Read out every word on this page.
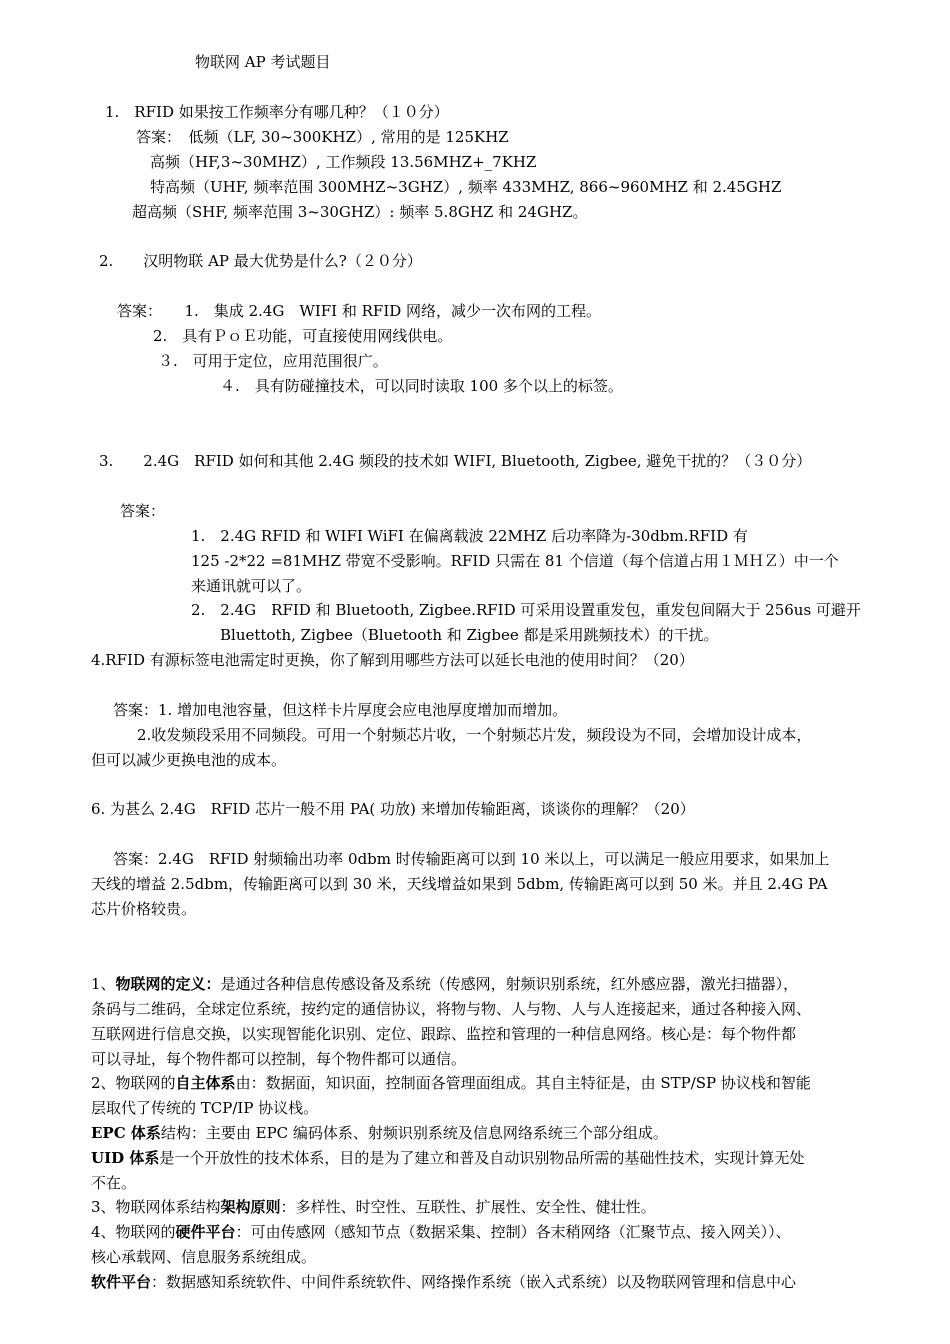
物联网 AP 考试题目
1.　RFID 如果按工作频率分有哪几种？（１０分）
答案：　低频（LF, 30~300KHZ）, 常用的是 125KHZ
高频（HF,3~30MHZ）, 工作频段 13.56MHZ+_7KHZ
特高频（UHF, 频率范围 300MHZ~3GHZ）, 频率 433MHZ, 866~960MHZ 和 2.45GHZ
超高频（SHF, 频率范围 3~30GHZ）: 频率 5.8GHZ 和 24GHZ。
2.　　汉明物联 AP 最大优势是什么?（２０分）
答案：　　1.　集成 2.4G　WIFI 和 RFID 网络，减少一次布网的工程。
2.　具有ＰｏＥ功能，可直接使用网线供电。
３.　可用于定位，应用范围很广。
４.　具有防碰撞技术，可以同时读取 100 多个以上的标签。
3.　　2.4G　RFID 如何和其他 2.4G 频段的技术如 WIFI, Bluetooth, Zigbee, 避免干扰的？（３０分）
答案：
1.　2.4G RFID 和 WIFI WiFI 在偏离载波 22MHZ 后功率降为-30dbm.RFID 有
125 -2*22 =81MHZ 带宽不受影响。RFID 只需在 81 个信道（每个信道占用１ＭＨＺ）中一个
来通讯就可以了。
2.　2.4G　RFID 和 Bluetooth, Zigbee.RFID 可采用设置重发包，重发包间隔大于 256us 可避开
Bluettoth, Zigbee（Bluetooth 和 Zigbee 都是采用跳频技术）的干扰。
4.RFID 有源标签电池需定时更换，你了解到用哪些方法可以延长电池的使用时间？（20）
答案：1. 增加电池容量，但这样卡片厚度会应电池厚度增加而增加。
2.收发频段采用不同频段。可用一个射频芯片收，一个射频芯片发，频段设为不同，会增加设计成本，
但可以减少更换电池的成本。
6. 为甚么 2.4G　RFID 芯片一般不用 PA( 功放) 来增加传输距离，谈谈你的理解？（20）
答案：2.4G　RFID 射频输出功率 0dbm 时传输距离可以到 10 米以上，可以满足一般应用要求，如果加上
天线的增益 2.5dbm，传输距离可以到 30 米，天线增益如果到 5dbm, 传输距离可以到 50 米。并且 2.4G PA
芯片价格较贵。
1、物联网的定义：是通过各种信息传感设备及系统（传感网，射频识别系统，红外感应器，激光扫描器），
条码与二维码，全球定位系统，按约定的通信协议，将物与物、人与物、人与人连接起来，通过各种接入网、
互联网进行信息交换，以实现智能化识别、定位、跟踪、监控和管理的一种信息网络。核心是：每个物件都
可以寻址，每个物件都可以控制，每个物件都可以通信。
2、物联网的自主体系由：数据面，知识面，控制面各管理面组成。其自主特征是，由 STP/SP 协议栈和智能
层取代了传统的 TCP/IP 协议栈。
EPC 体系结构：主要由 EPC 编码体系、射频识别系统及信息网络系统三个部分组成。
UID 体系是一个开放性的技术体系，目的是为了建立和普及自动识别物品所需的基础性技术，实现计算无处
不在。
3、物联网体系结构架构原则：多样性、时空性、互联性、扩展性、安全性、健壮性。
4、物联网的硬件平台：可由传感网（感知节点（数据采集、控制）各末稍网络（汇聚节点、接入网关））、
核心承载网、信息服务系统组成。
软件平台：数据感知系统软件、中间件系统软件、网络操作系统（嵌入式系统）以及物联网管理和信息中心
